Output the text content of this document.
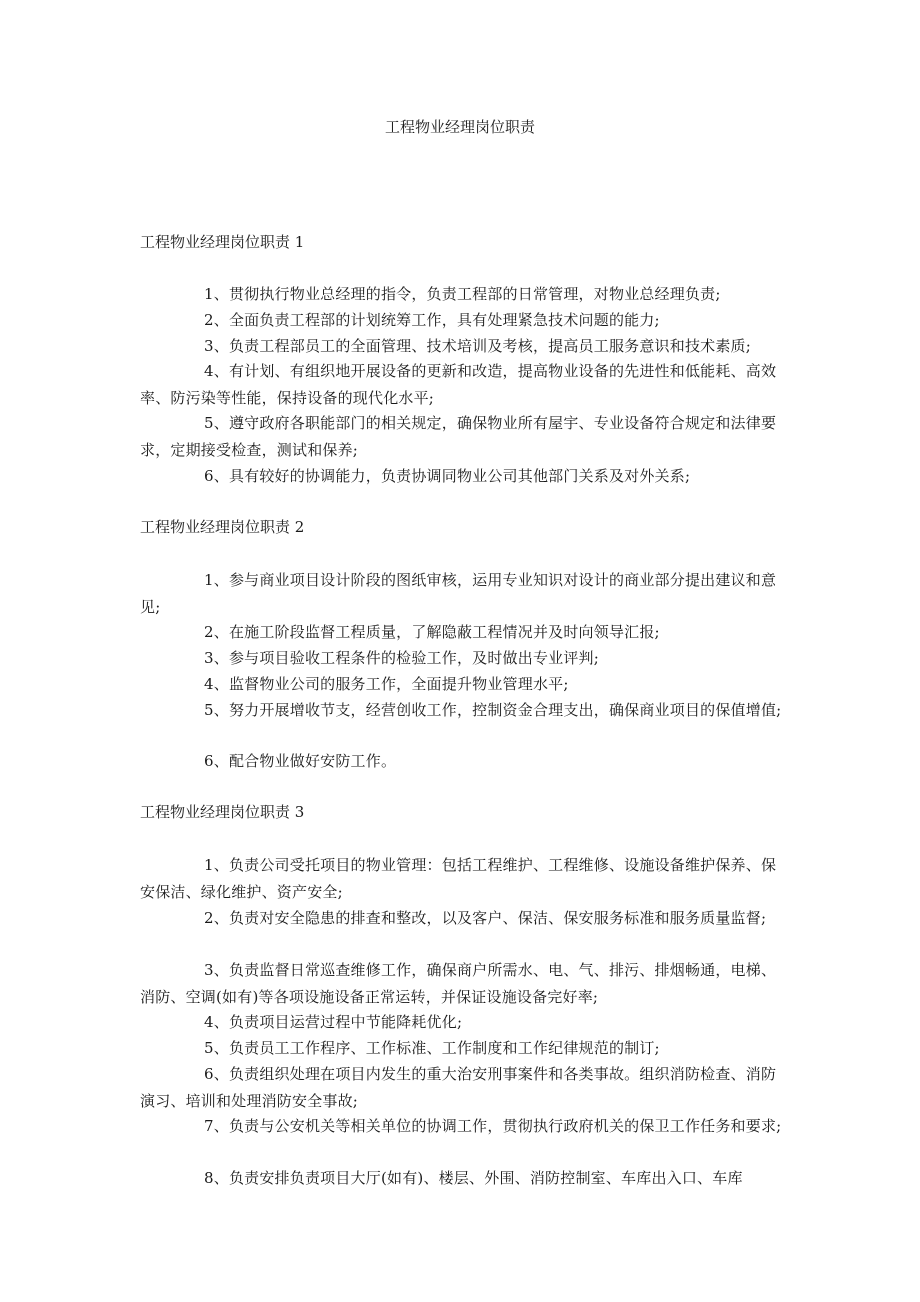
工程物业经理岗位职责
工程物业经理岗位职责 1
1、贯彻执行物业总经理的指令，负责工程部的日常管理，对物业总经理负责;
2、全面负责工程部的计划统筹工作，具有处理紧急技术问题的能力;
3、负责工程部员工的全面管理、技术培训及考核，提高员工服务意识和技术素质;
4、有计划、有组织地开展设备的更新和改造，提高物业设备的先进性和低能耗、高效率、防污染等性能，保持设备的现代化水平;
5、遵守政府各职能部门的相关规定，确保物业所有屋宇、专业设备符合规定和法律要求，定期接受检查，测试和保养;
6、具有较好的协调能力，负责协调同物业公司其他部门关系及对外关系;
工程物业经理岗位职责 2
1、参与商业项目设计阶段的图纸审核，运用专业知识对设计的商业部分提出建议和意见;
2、在施工阶段监督工程质量，了解隐蔽工程情况并及时向领导汇报;
3、参与项目验收工程条件的检验工作，及时做出专业评判;
4、监督物业公司的服务工作，全面提升物业管理水平;
5、努力开展增收节支，经营创收工作，控制资金合理支出，确保商业项目的保值增值;
6、配合物业做好安防工作。
工程物业经理岗位职责 3
1、负责公司受托项目的物业管理：包括工程维护、工程维修、设施设备维护保养、保安保洁、绿化维护、资产安全;
2、负责对安全隐患的排查和整改，以及客户、保洁、保安服务标准和服务质量监督;
3、负责监督日常巡查维修工作，确保商户所需水、电、气、排污、排烟畅通，电梯、消防、空调(如有)等各项设施设备正常运转，并保证设施设备完好率;
4、负责项目运营过程中节能降耗优化;
5、负责员工工作程序、工作标准、工作制度和工作纪律规范的制订;
6、负责组织处理在项目内发生的重大治安刑事案件和各类事故。组织消防检查、消防演习、培训和处理消防安全事故;
7、负责与公安机关等相关单位的协调工作，贯彻执行政府机关的保卫工作任务和要求;
8、负责安排负责项目大厅(如有)、楼层、外围、消防控制室、车库出入口、车库
